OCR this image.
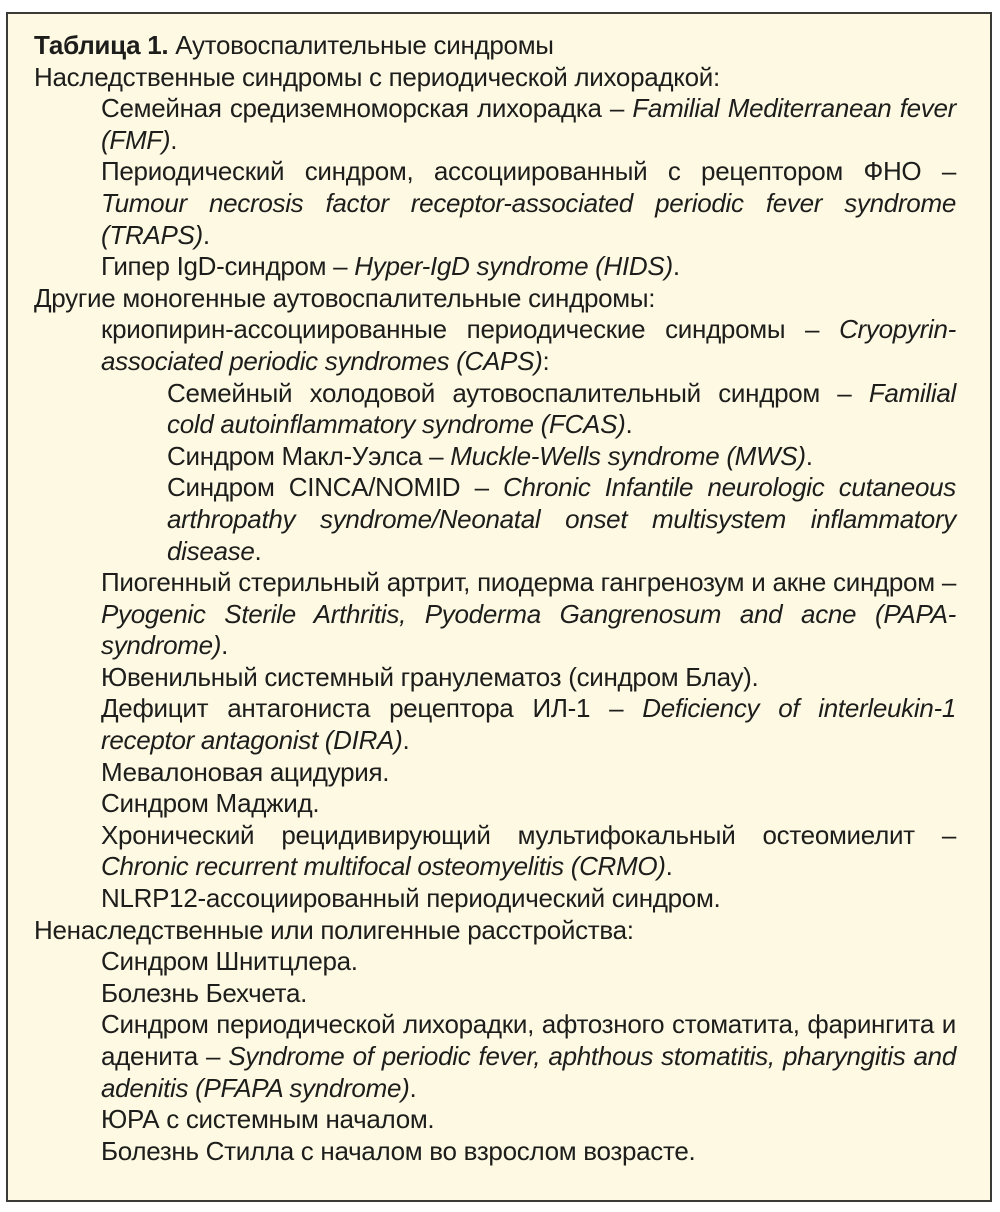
Таблица 1. Аутовоспалительные синдромы

Наследственные синдромы с периодической лихорадкой:

Семейная средиземноморская лихорадка – Familial Mediterranean fever (FMF).

Периодический синдром, ассоциированный с рецептором ФНО – Tumour necrosis factor receptor-associated periodic fever syndrome (TRAPS).

Гипер IgD-синдром – Hyper-IgD syndrome (HIDS).

Другие моногенные аутовоспалительные синдромы:

криопирин-ассоциированные периодические синдромы – Cryopyrin-associated periodic syndromes (CAPS):

Семейный холодовой аутовоспалительный синдром – Familial cold autoinflammatory syndrome (FCAS).

Синдром Макл-Уэлса – Muckle-Wells syndrome (MWS).

Синдром CINCA/NOMID – Chronic Infantile neurologic cutaneous arthropathy syndrome/Neonatal onset multisystem inflammatory disease.

Пиогенный стерильный артрит, пиодерма гангренозум и акне синдром – Pyogenic Sterile Arthritis, Pyoderma Gangrenosum and acne (PAPA-syndrome).

Ювенильный системный гранулематоз (синдром Блау).

Дефицит антагониста рецептора ИЛ-1 – Deficiency of interleukin-1 receptor antagonist (DIRA).

Мевалоновая ацидурия.

Синдром Маджид.

Хронический рецидивирующий мультифокальный остеомиелит – Chronic recurrent multifocal osteomyelitis (CRMO).

NLRP12-ассоциированный периодический синдром.

Ненаследственные или полигенные расстройства:

Синдром Шнитцлера.

Болезнь Бехчета.

Синдром периодической лихорадки, афтозного стоматита, фарингита и аденита – Syndrome of periodic fever, aphthous stomatitis, pharyngitis and adenitis (PFAPA syndrome).

ЮРА с системным началом.

Болезнь Стилла с началом во взрослом возрасте.
